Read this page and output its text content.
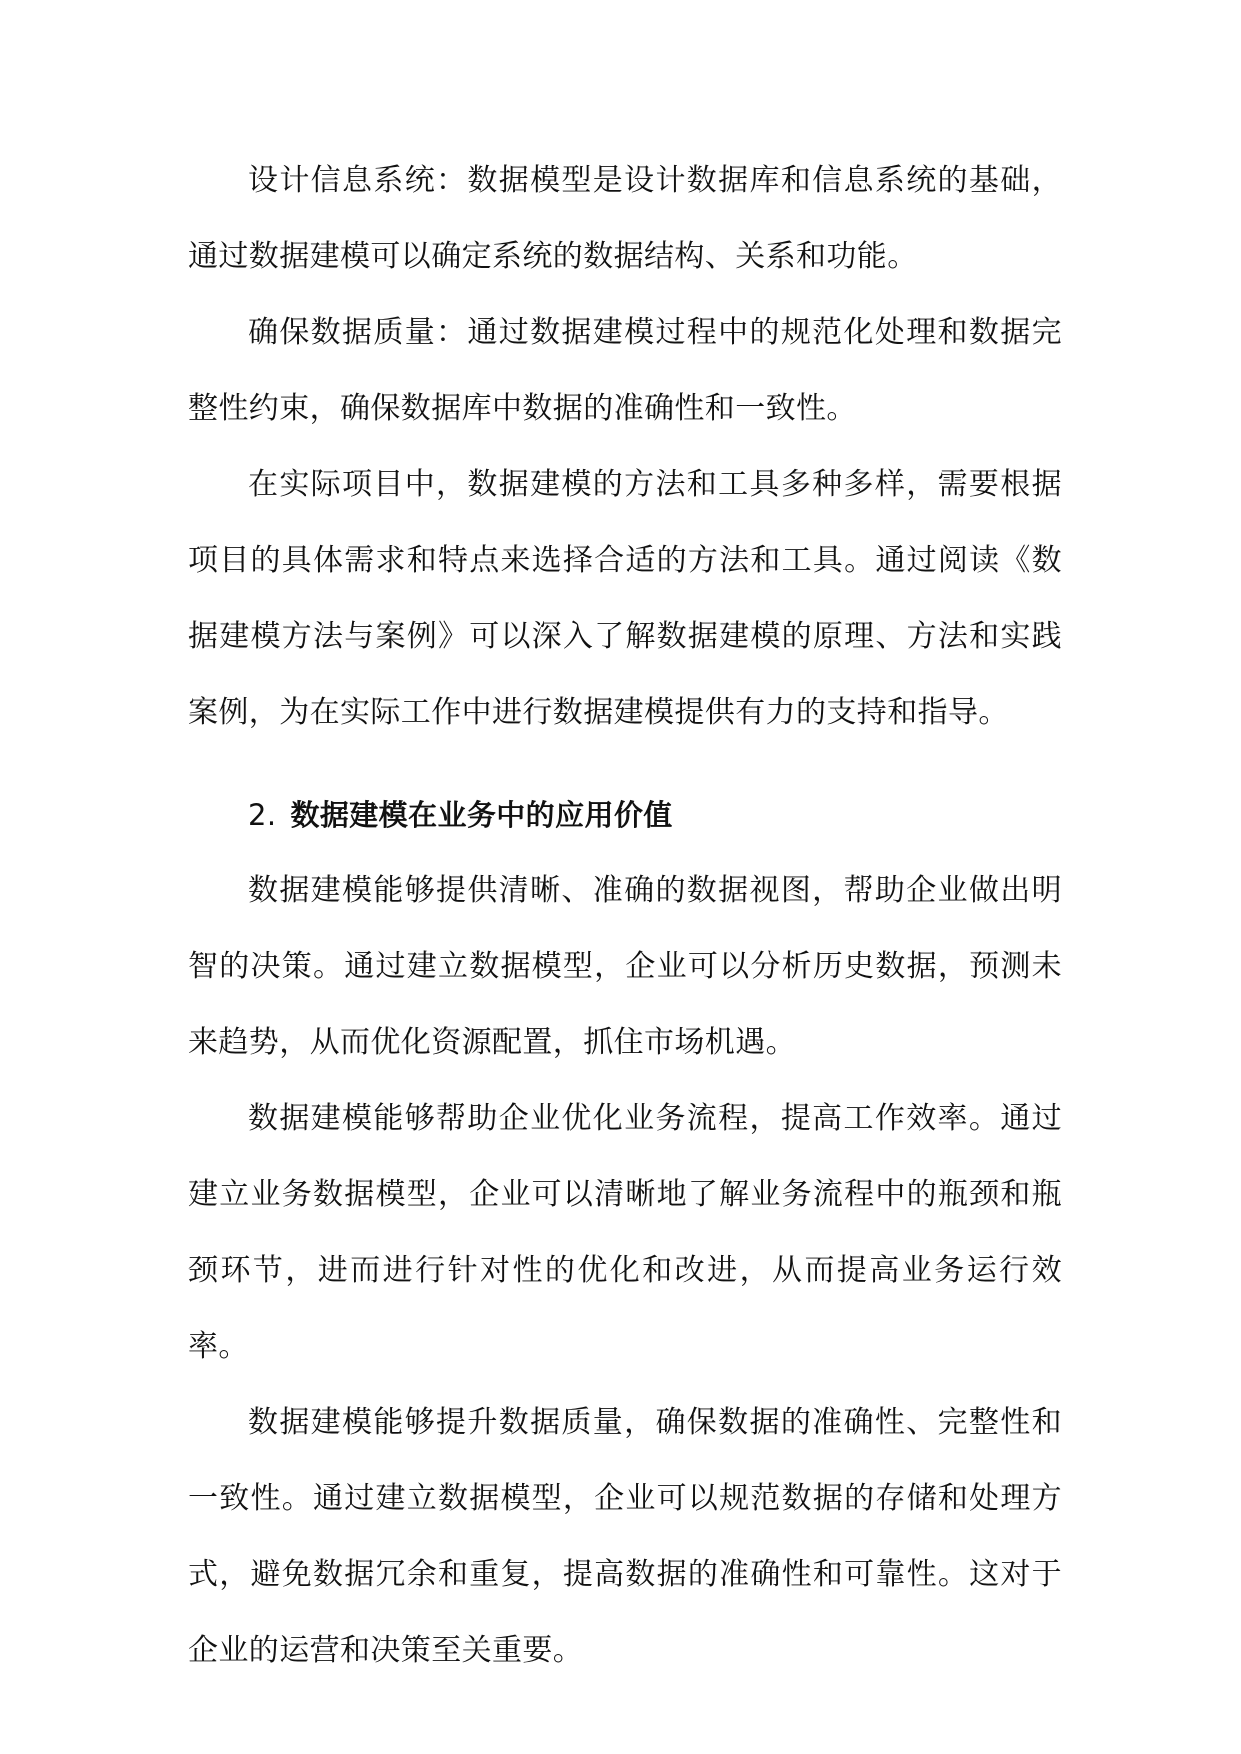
设计信息系统：数据模型是设计数据库和信息系统的基础，通过数据建模可以确定系统的数据结构、关系和功能。

确保数据质量：通过数据建模过程中的规范化处理和数据完整性约束，确保数据库中数据的准确性和一致性。

在实际项目中，数据建模的方法和工具多种多样，需要根据项目的具体需求和特点来选择合适的方法和工具。通过阅读《数据建模方法与案例》可以深入了解数据建模的原理、方法和实践案例，为在实际工作中进行数据建模提供有力的支持和指导。

2. 数据建模在业务中的应用价值

数据建模能够提供清晰、准确的数据视图，帮助企业做出明智的决策。通过建立数据模型，企业可以分析历史数据，预测未来趋势，从而优化资源配置，抓住市场机遇。

数据建模能够帮助企业优化业务流程，提高工作效率。通过建立业务数据模型，企业可以清晰地了解业务流程中的瓶颈和瓶颈环节，进而进行针对性的优化和改进，从而提高业务运行效率。

数据建模能够提升数据质量，确保数据的准确性、完整性和一致性。通过建立数据模型，企业可以规范数据的存储和处理方式，避免数据冗余和重复，提高数据的准确性和可靠性。这对于企业的运营和决策至关重要。
